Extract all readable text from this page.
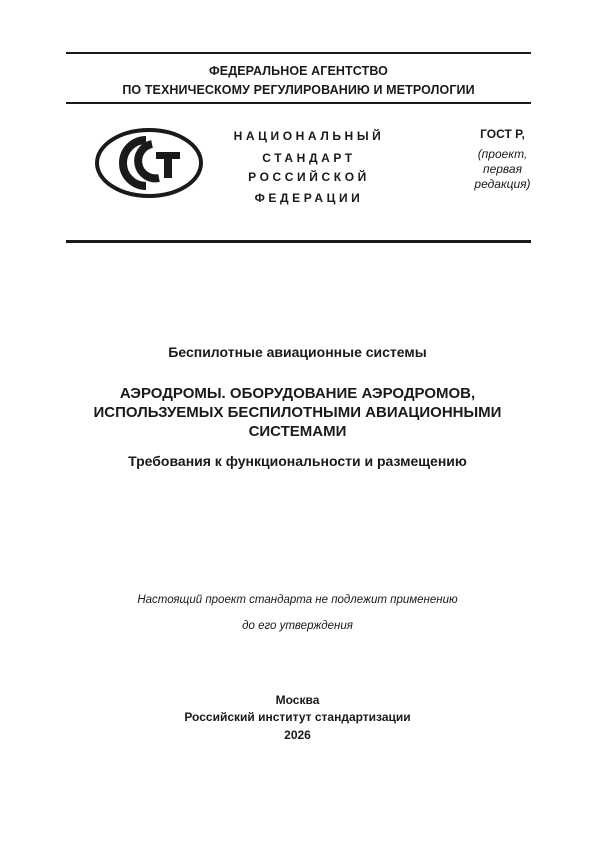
ФЕДЕРАЛЬНОЕ АГЕНТСТВО
ПО ТЕХНИЧЕСКОМУ РЕГУЛИРОВАНИЮ И МЕТРОЛОГИИ
НАЦИОНАЛЬНЫЙ
СТАНДАРТ
РОССИЙСКОЙ
ФЕДЕРАЦИИ
ГОСТ Р,
(проект,
первая
редакция)
Беспилотные авиационные системы
АЭРОДРОМЫ. ОБОРУДОВАНИЕ АЭРОДРОМОВ,
ИСПОЛЬЗУЕМЫХ БЕСПИЛОТНЫМИ АВИАЦИОННЫМИ
СИСТЕМАМИ
Требования к функциональности и размещению
Настоящий проект стандарта не подлежит применению
до его утверждения
Москва
Российский институт стандартизации
2026
